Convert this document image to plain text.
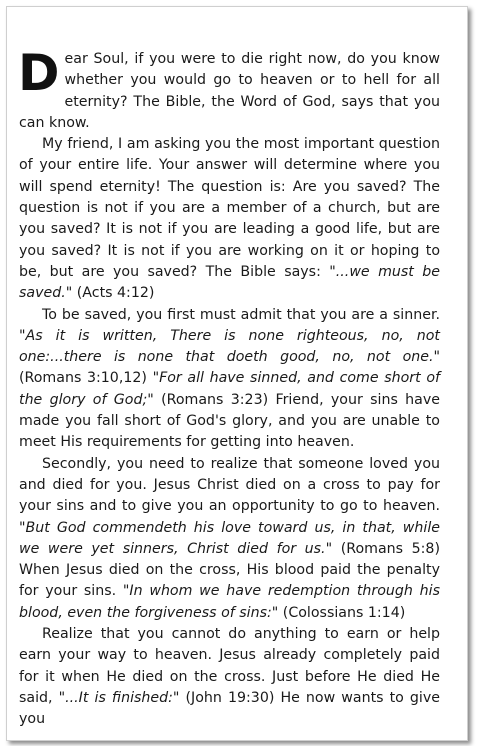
Dear Soul, if you were to die right now, do you know whether you would go to heaven or to hell for all eternity? The Bible, the Word of God, says that you can know.

My friend, I am asking you the most important question of your entire life. Your answer will determine where you will spend eternity! The question is: Are you saved? The question is not if you are a member of a church, but are you saved? It is not if you are leading a good life, but are you saved? It is not if you are working on it or hoping to be, but are you saved? The Bible says: "...we must be saved." (Acts 4:12)

To be saved, you first must admit that you are a sinner. "As it is written, There is none righteous, no, not one:...there is none that doeth good, no, not one." (Romans 3:10,12) "For all have sinned, and come short of the glory of God;" (Romans 3:23) Friend, your sins have made you fall short of God's glory, and you are unable to meet His requirements for getting into heaven.

Secondly, you need to realize that someone loved you and died for you. Jesus Christ died on a cross to pay for your sins and to give you an opportunity to go to heaven. "But God commendeth his love toward us, in that, while we were yet sinners, Christ died for us." (Romans 5:8) When Jesus died on the cross, His blood paid the penalty for your sins. "In whom we have redemption through his blood, even the forgiveness of sins:" (Colossians 1:14)

Realize that you cannot do anything to earn or help earn your way to heaven. Jesus already completely paid for it when He died on the cross. Just before He died He said, "...It is finished:" (John 19:30) He now wants to give you
